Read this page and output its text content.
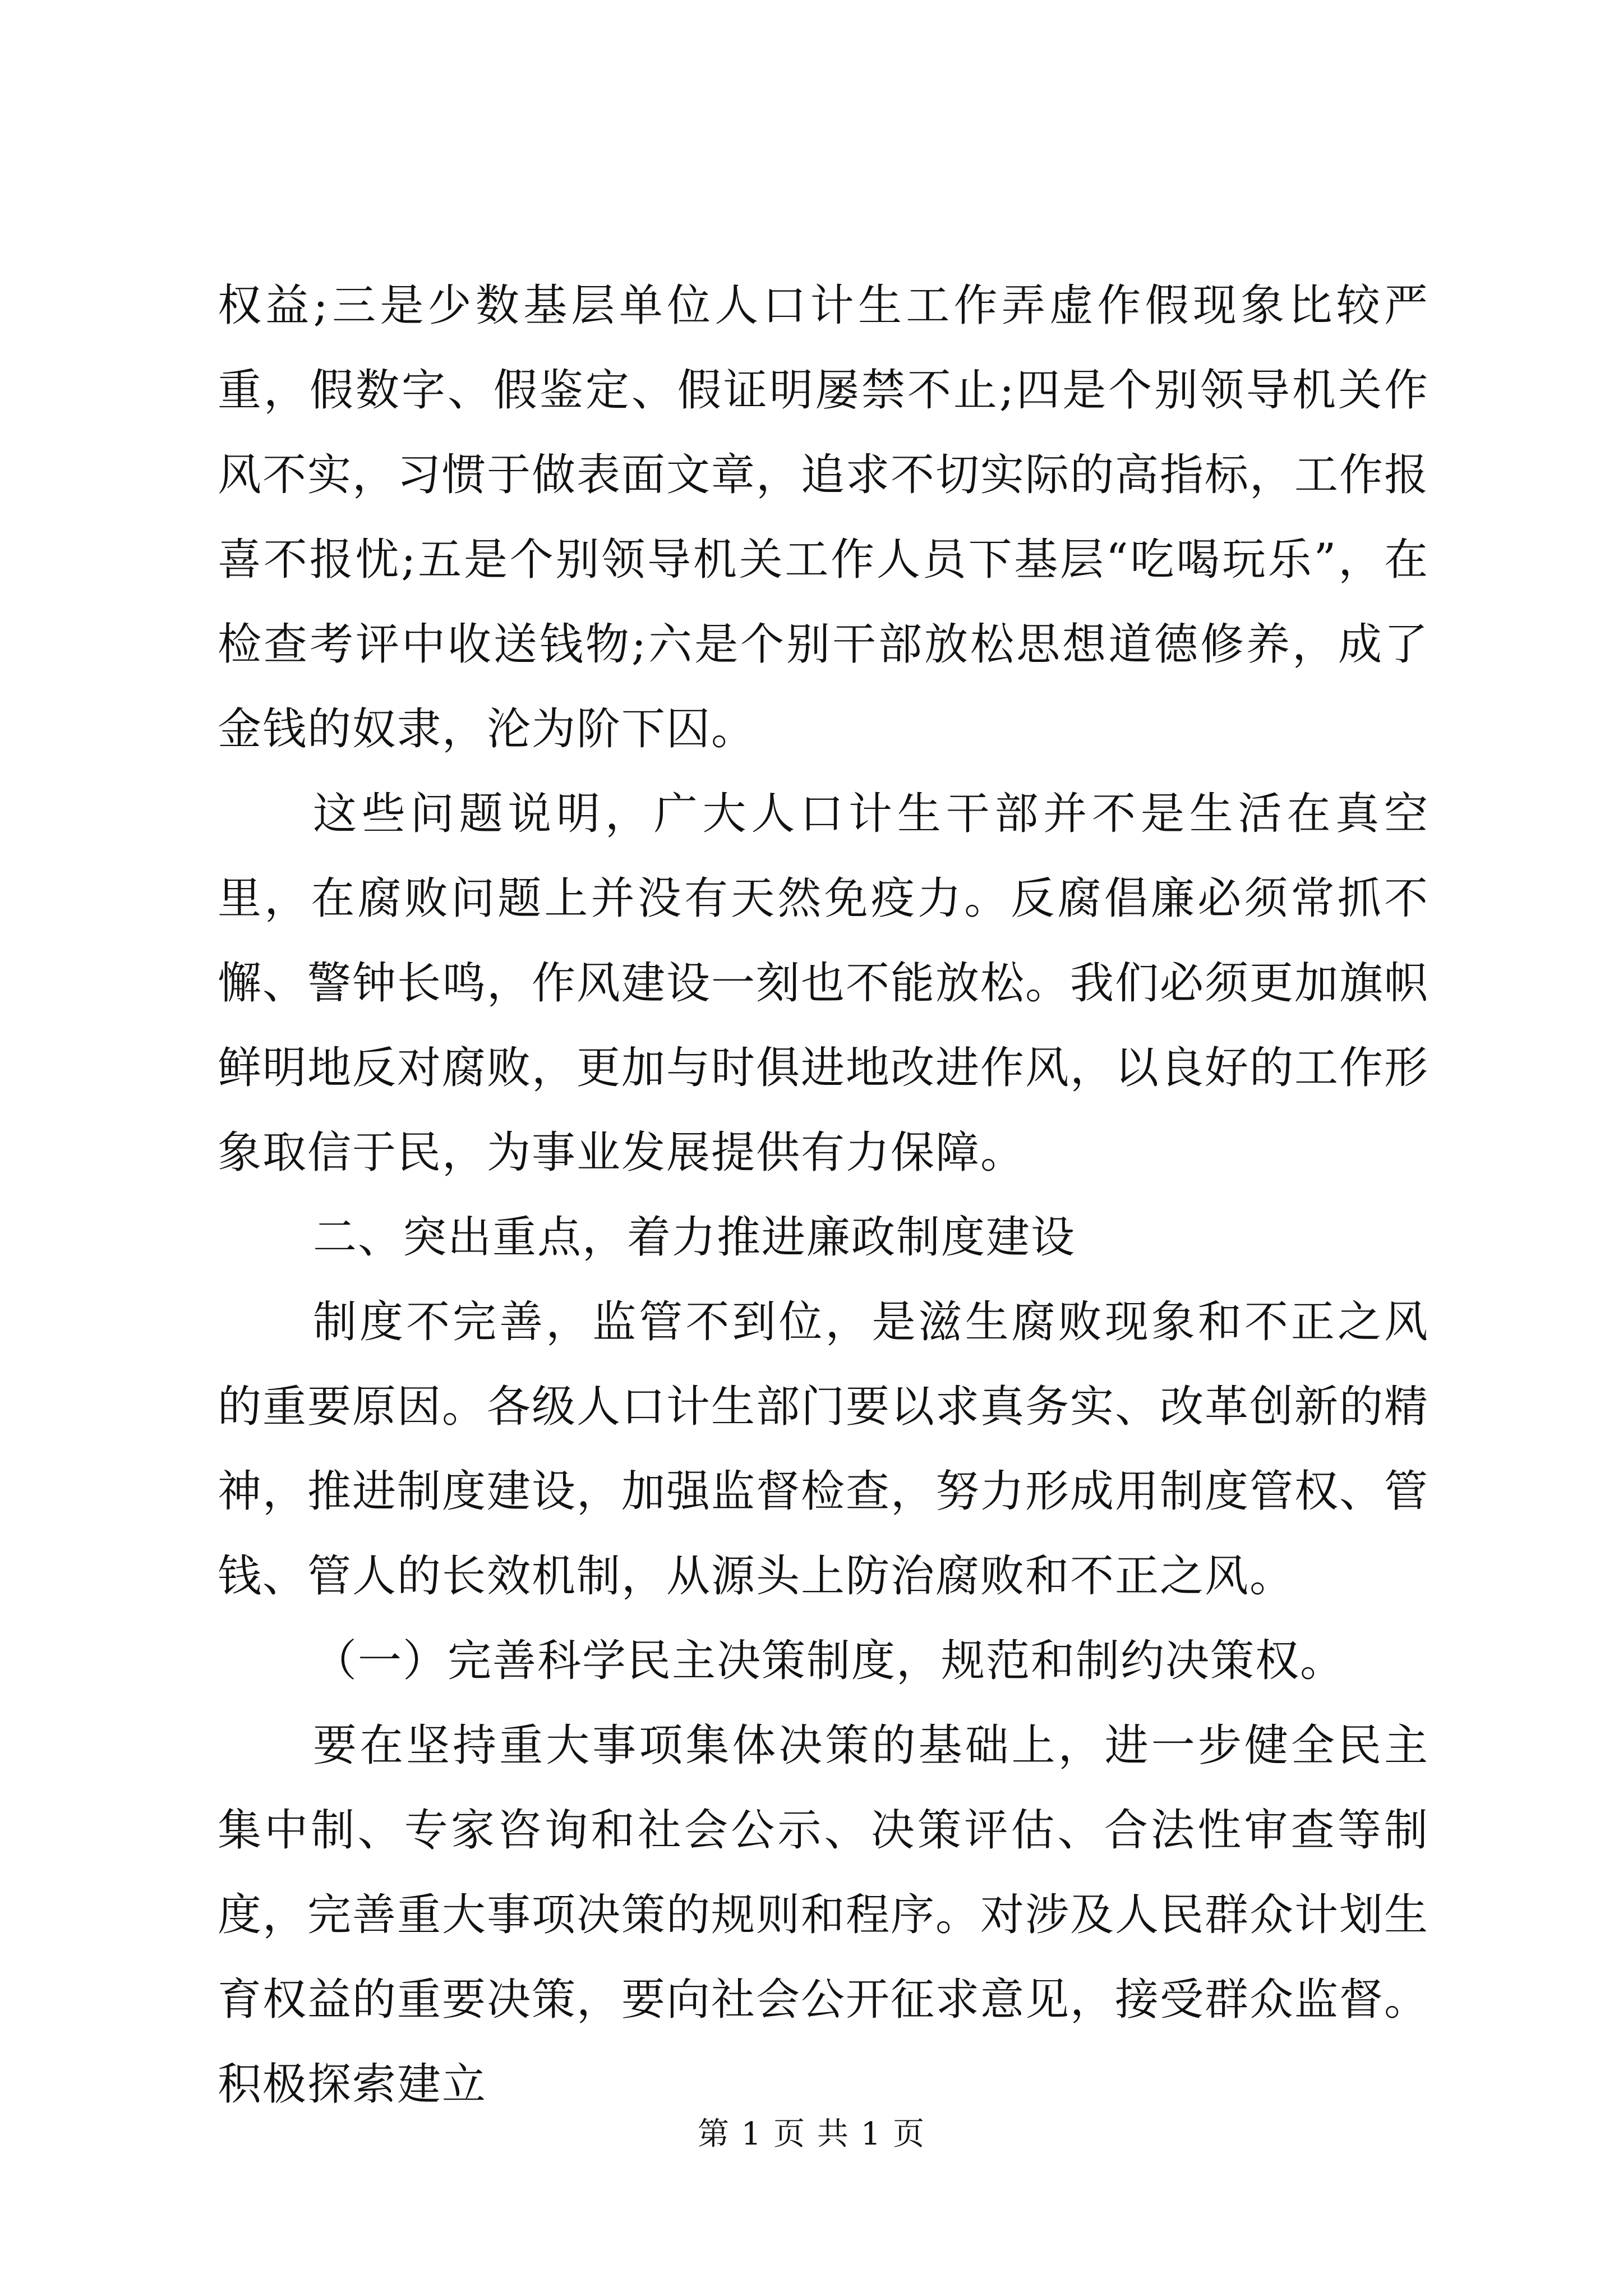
权益;三是少数基层单位人口计生工作弄虚作假现象比较严重，假数字、假鉴定、假证明屡禁不止;四是个别领导机关作风不实，习惯于做表面文章，追求不切实际的高指标，工作报喜不报忧;五是个别领导机关工作人员下基层“吃喝玩乐”，在检查考评中收送钱物;六是个别干部放松思想道德修养，成了金钱的奴隶，沦为阶下囚。

这些问题说明，广大人口计生干部并不是生活在真空里，在腐败问题上并没有天然免疫力。反腐倡廉必须常抓不懈、警钟长鸣，作风建设一刻也不能放松。我们必须更加旗帜鲜明地反对腐败，更加与时俱进地改进作风，以良好的工作形象取信于民，为事业发展提供有力保障。

二、突出重点，着力推进廉政制度建设

制度不完善，监管不到位，是滋生腐败现象和不正之风的重要原因。各级人口计生部门要以求真务实、改革创新的精神，推进制度建设，加强监督检查，努力形成用制度管权、管钱、管人的长效机制，从源头上防治腐败和不正之风。

（一）完善科学民主决策制度，规范和制约决策权。

要在坚持重大事项集体决策的基础上，进一步健全民主集中制、专家咨询和社会公示、决策评估、合法性审查等制度，完善重大事项决策的规则和程序。对涉及人民群众计划生育权益的重要决策，要向社会公开征求意见，接受群众监督。积极探索建立

第 1 页 共 1 页
